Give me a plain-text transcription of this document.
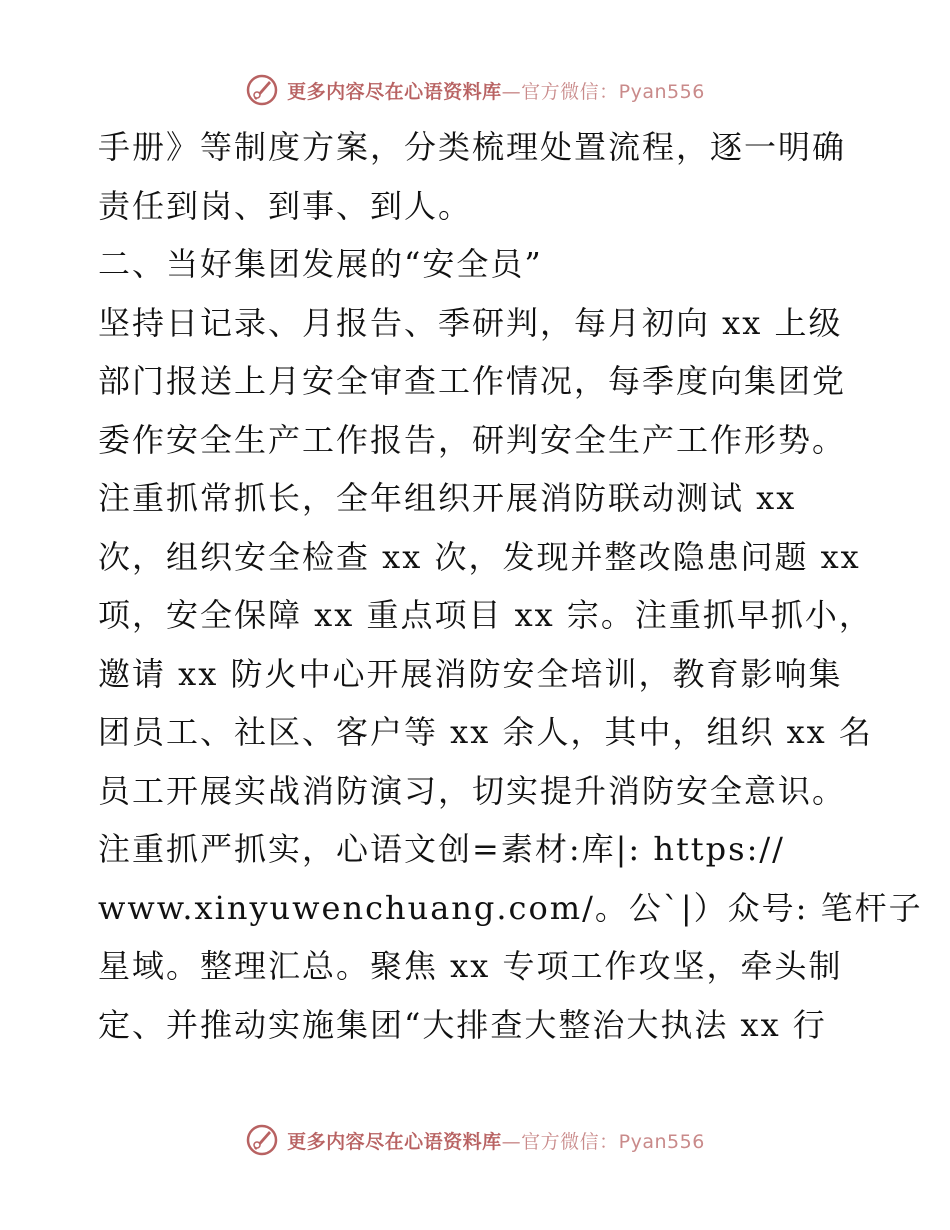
更多内容尽在心语资料库—官方微信：Pyan556
手册》等制度方案，分类梳理处置流程，逐一明确
责任到岗、到事、到人。
二、当好集团发展的“安全员”
坚持日记录、月报告、季研判，每月初向 xx 上级
部门报送上月安全审查工作情况，每季度向集团党
委作安全生产工作报告，研判安全生产工作形势。
注重抓常抓长，全年组织开展消防联动测试 xx
次，组织安全检查 xx 次，发现并整改隐患问题 xx
项，安全保障 xx 重点项目 xx 宗。注重抓早抓小，
邀请 xx 防火中心开展消防安全培训，教育影响集
团员工、社区、客户等 xx 余人，其中，组织 xx 名
员工开展实战消防演习，切实提升消防安全意识。
注重抓严抓实，心语文创=素材:库|: https://
www.xinyuwenchuang.com/。公`|）众号: 笔杆子
星域。整理汇总。聚焦 xx 专项工作攻坚，牵头制
定、并推动实施集团“大排查大整治大执法 xx 行
更多内容尽在心语资料库—官方微信：Pyan556
